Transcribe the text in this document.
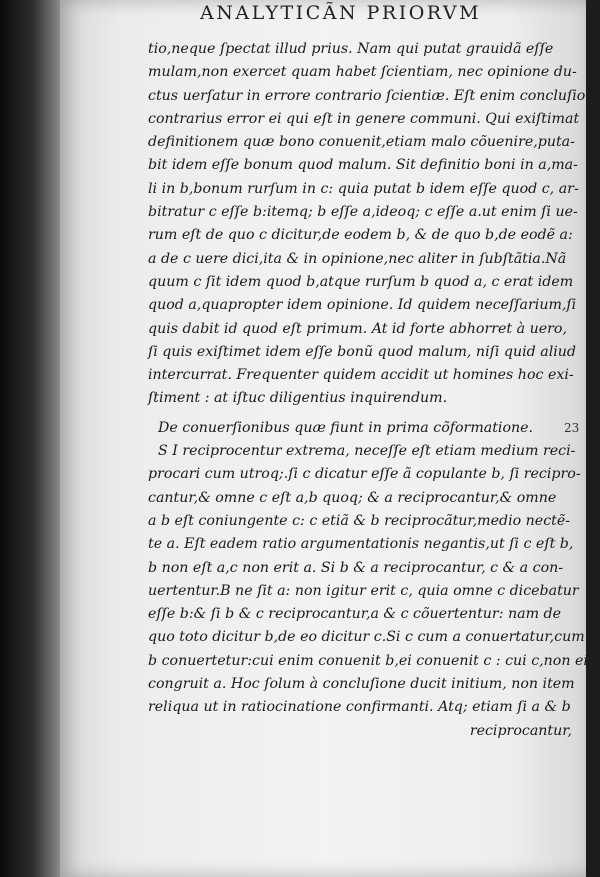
ANALYTICÃN PRIORVM
tio,neque ſpectat illud prius. Nam qui putat grauidã eſſe
mulam,non exercet quam habet ſcientiam, nec opinione du-
ctus uerſatur in errore contrario ſcientiæ. Eſt enim concluſio
contrarius error ei qui eſt in genere communi. Qui exiſtimat
definitionem quæ bono conuenit,etiam malo cõuenire,puta-
bit idem eſſe bonum quod malum. Sit definitio boni in a,ma-
li in b,bonum rurſum in c: quia putat b idem eſſe quod c, ar-
bitratur c eſſe b:itemq; b eſſe a,ideoq; c eſſe a.ut enim ſi ue-
rum eſt de quo c dicitur,de eodem b, & de quo b,de eodẽ a:
a de c uere dici,ita & in opinione,nec aliter in ſubſtãtia.Nã
quum c ſit idem quod b,atque rurſum b quod a, c erat idem
quod a,quapropter idem opinione. Id quidem neceſſarium,ſi
quis dabit id quod eſt primum. At id forte abhorret à uero,
ſi quis exiſtimet idem eſſe bonũ quod malum, niſi quid aliud
intercurrat. Frequenter quidem accidit ut homines hoc exi-
ſtiment : at iſtuc diligentius inquirendum.
De conuerſionibus quæ fiunt in prima cõformatione.	23
S I reciprocentur extrema, neceſſe eſt etiam medium reci-
procari cum utroq;.ſi c dicatur eſſe ã copulante b, ſi recipro-
cantur,& omne c eſt a,b quoq; & a reciprocantur,& omne
a b eſt coniungente c: c etiã & b reciprocãtur,medio nectẽ-
te a. Eſt eadem ratio argumentationis negantis,ut ſi c eſt b,
b non eſt a,c non erit a. Si b & a reciprocantur, c & a con-
uertentur.B ne ſit a: non igitur erit c, quia omne c dicebatur
eſſe b:& ſi b & c reciprocantur,a & c cõuertentur: nam de
quo toto dicitur b,de eo dicitur c.Si c cum a conuertatur,cum
b conuertetur:cui enim conuenit b,ei conuenit c : cui c,non ei
congruit a. Hoc ſolum à concluſione ducit initium, non item
reliqua ut in ratiocinatione confirmanti. Atq; etiam ſi a & b
reciprocantur,
